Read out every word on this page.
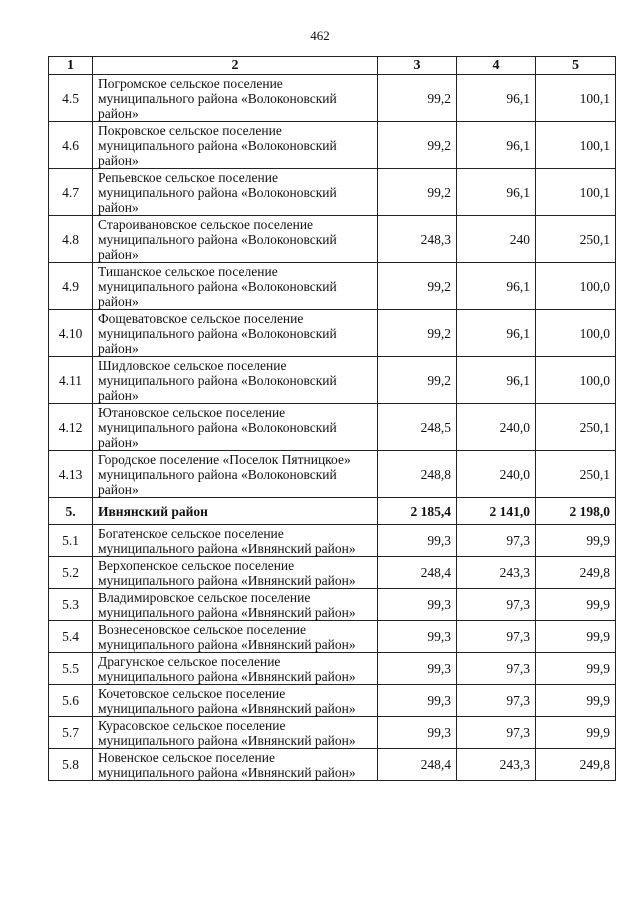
462
1	2	3	4	5
4.5	Погромское сельское поселение
муниципального района «Волоконовский
район»	99,2	96,1	100,1
4.6	Покровское сельское поселение
муниципального района «Волоконовский
район»	99,2	96,1	100,1
4.7	Репьевское сельское поселение
муниципального района «Волоконовский
район»	99,2	96,1	100,1
4.8	Староивановское сельское поселение
муниципального района «Волоконовский
район»	248,3	240	250,1
4.9	Тишанское сельское поселение
муниципального района «Волоконовский
район»	99,2	96,1	100,0
4.10	Фощеватовское сельское поселение
муниципального района «Волоконовский
район»	99,2	96,1	100,0
4.11	Шидловское сельское поселение
муниципального района «Волоконовский
район»	99,2	96,1	100,0
4.12	Ютановское сельское поселение
муниципального района «Волоконовский
район»	248,5	240,0	250,1
4.13	Городское поселение «Поселок Пятницкое»
муниципального района «Волоконовский
район»	248,8	240,0	250,1
5.	Ивнянский район	2 185,4	2 141,0	2 198,0
5.1	Богатенское сельское поселение
муниципального района «Ивнянский район»	99,3	97,3	99,9
5.2	Верхопенское сельское поселение
муниципального района «Ивнянский район»	248,4	243,3	249,8
5.3	Владимировское сельское поселение
муниципального района «Ивнянский район»	99,3	97,3	99,9
5.4	Вознесеновское сельское поселение
муниципального района «Ивнянский район»	99,3	97,3	99,9
5.5	Драгунское сельское поселение
муниципального района «Ивнянский район»	99,3	97,3	99,9
5.6	Кочетовское сельское поселение
муниципального района «Ивнянский район»	99,3	97,3	99,9
5.7	Курасовское сельское поселение
муниципального района «Ивнянский район»	99,3	97,3	99,9
5.8	Новенское сельское поселение
муниципального района «Ивнянский район»	248,4	243,3	249,8
